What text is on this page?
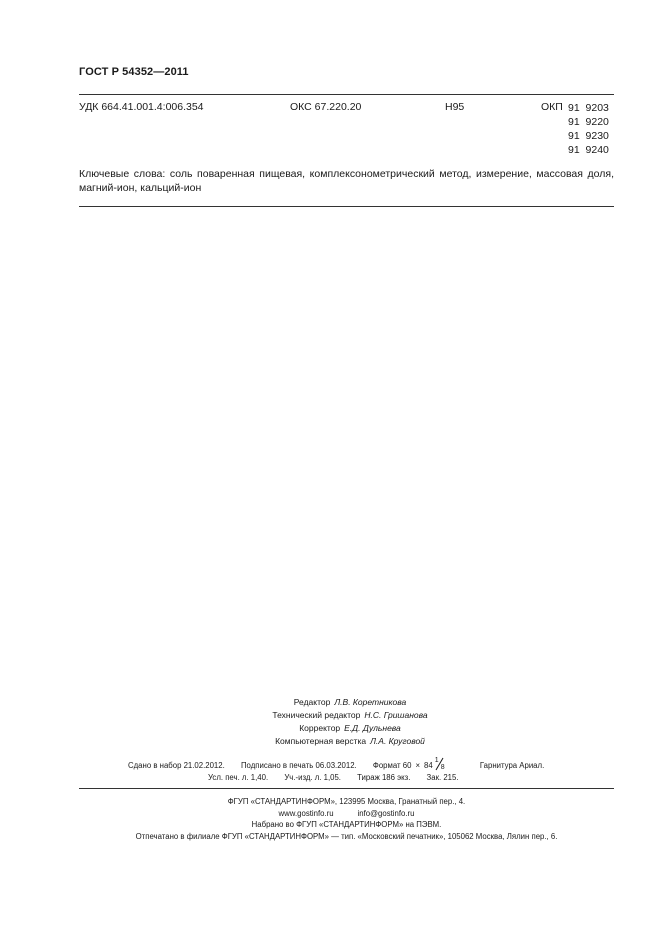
ГОСТ Р 54352—2011
УДК 664.41.001.4:006.354	ОКС 67.220.20	Н95	ОКП 91  9203
91  9220
91  9230
91  9240
Ключевые слова: соль поваренная пищевая, комплексонометрический метод, измерение, массовая доля, магний-ион, кальций-ион
Редактор Л.В. Коретникова
Технический редактор Н.С. Гришанова
Корректор Е.Д. Дульнева
Компьютерная верстка Л.А. Круговой
Сдано в набор 21.02.2012. Подписано в печать 06.03.2012. Формат 60 × 84
1
8	Гарнитура Ариал.
Усл. печ. л. 1,40. Уч.-изд. л. 1,05. Тираж 186 экз. Зак. 215.
ФГУП «СТАНДАРТИНФОРМ», 123995 Москва, Гранатный пер., 4.
www.gostinfo.ru	info@gostinfo.ru
Набрано во ФГУП «СТАНДАРТИНФОРМ» на ПЭВМ.
Отпечатано в филиале ФГУП «СТАНДАРТИНФОРМ» — тип. «Московский печатник», 105062 Москва, Лялин пер., 6.
